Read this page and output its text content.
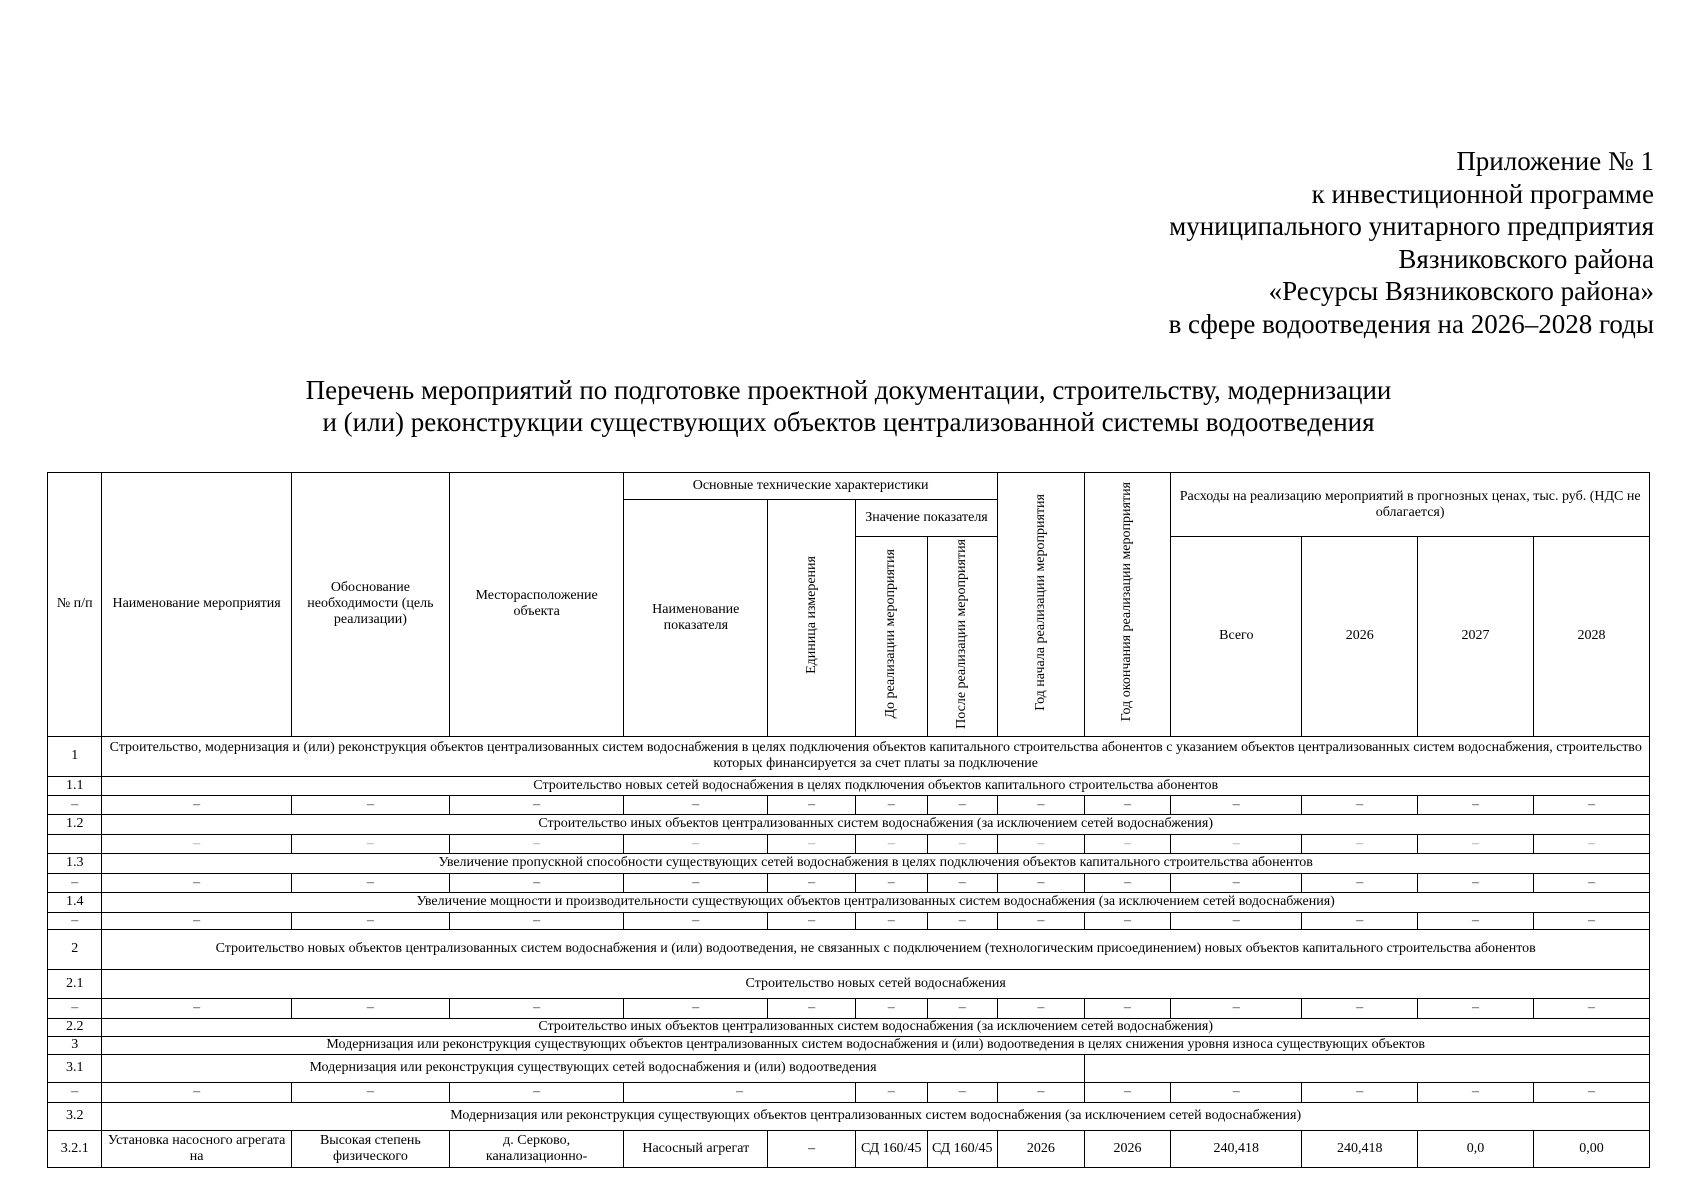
Приложение № 1
к инвестиционной программе
муниципального унитарного предприятия
Вязниковского района
«Ресурсы Вязниковского района»
в сфере водоотведения на 2026–2028 годы
Перечень мероприятий по подготовке проектной документации, строительству, модернизации
и (или) реконструкции существующих объектов централизованной системы водоотведения
№ п/п	Наименование мероприятия	Обоснование необходимости (цель реализации)	Месторасположение объекта	Основные технические характеристики				Год начала реализации мероприятия	Год окончания реализации мероприятия	Расходы на реализацию мероприятий в прогнозных ценах, тыс. руб. (НДС не облагается)			
				Наименование показателя	Единица измерения	Значение показателя							
						До реализации мероприятия	После реализации мероприятия			Всего	2026	2027	2028
1	Строительство, модернизация и (или) реконструкция объектов централизованных систем водоснабжения в целях подключения объектов капитального строительства абонентов с указанием объектов централизованных систем водоснабжения, строительство которых финансируется за счет платы за подключение												
1.1	Строительство новых сетей водоснабжения в целях подключения объектов капитального строительства абонентов												
–	–	–	–	–	–	–	–	–	–	–	–	–	–
1.2	Строительство иных объектов централизованных систем водоснабжения (за исключением сетей водоснабжения)												
	–	–	–	–	–	–	–	–	–	–	–	–	–
1.3	Увеличение пропускной способности существующих сетей водоснабжения в целях подключения объектов капитального строительства абонентов												
–	–	–	–	–	–	–	–	–	–	–	–	–	–
1.4	Увеличение мощности и производительности существующих объектов централизованных систем водоснабжения (за исключением сетей водоснабжения)												
–	–	–	–	–	–	–	–	–	–	–	–	–	–
2	Строительство новых объектов централизованных систем водоснабжения и (или) водоотведения, не связанных с подключением (технологическим присоединением) новых объектов капитального строительства абонентов												
2.1	Строительство новых сетей водоснабжения												
–	–	–	–	–	–	–	–	–	–	–	–	–	–
2.2	Строительство иных объектов централизованных систем водоснабжения (за исключением сетей водоснабжения)												
3	Модернизация или реконструкция существующих объектов централизованных систем водоснабжения и (или) водоотведения в целях снижения уровня износа существующих объектов												
3.1	Модернизация или реконструкция существующих сетей водоснабжения и (или) водоотведения												
–	–	–	–	–		–	–	–	–	–	–	–	–
3.2	Модернизация или реконструкция существующих объектов централизованных систем водоснабжения (за исключением сетей водоснабжения)												
3.2.1	Установка насосного агрегата на	Высокая степень физического	д. Серково, канализационно-	Насосный агрегат	–	СД 160/45	СД 160/45	2026	2026	240,418	240,418	0,0	0,00
